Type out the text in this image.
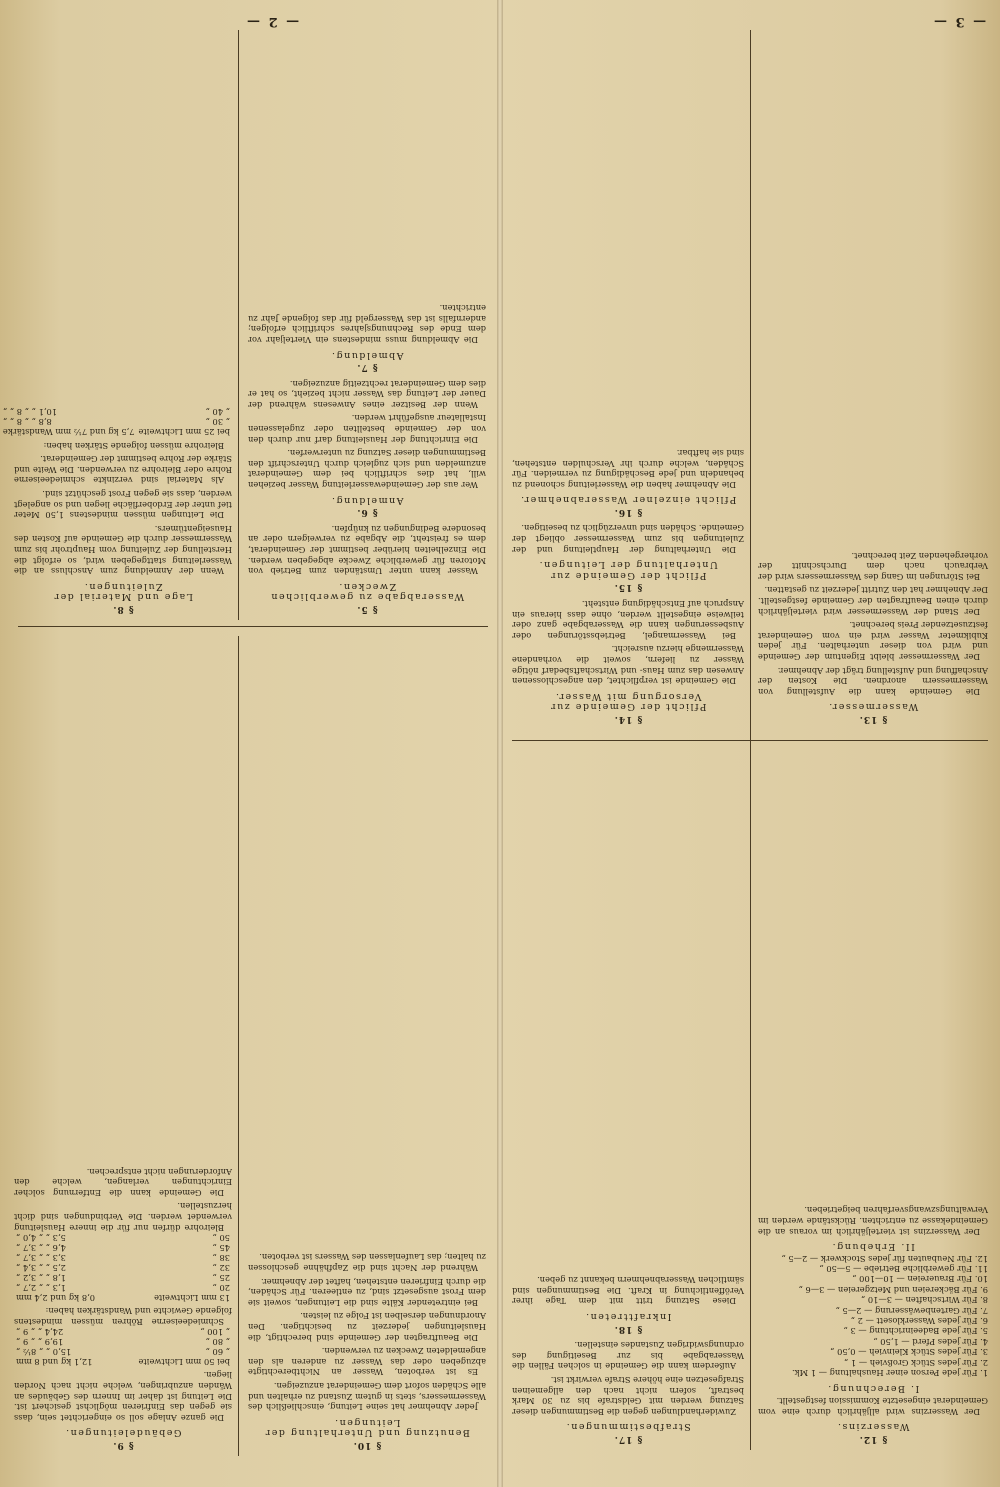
— 2 —
§ 5.
Wasserabgabe zu gewerblichen Zwecken.

Wasser kann unter Umständen zum Betrieb von Motoren für gewerbliche Zwecke abgegeben werden. Die Einzelheiten hierüber bestimmt der Gemeinderat, dem es freisteht, die Abgabe zu verweigern oder an besondere Bedingungen zu knüpfen.

§ 6.
Anmeldung.

Wer aus der Gemeindewasserleitung Wasser beziehen will, hat dies schriftlich bei dem Gemeinderat anzumelden und sich zugleich durch Unterschrift den Bestimmungen dieser Satzung zu unterwerfen.

Die Einrichtung der Hausleitung darf nur durch den von der Gemeinde bestellten oder zugelassenen Installateur ausgeführt werden.

Wenn der Besitzer eines Anwesens während der Dauer der Leitung das Wasser nicht bezieht, so hat er dies dem Gemeinderat rechtzeitig anzuzeigen.

§ 7.
Abmeldung.

Die Abmeldung muss mindestens ein Vierteljahr vor dem Ende des Rechnungsjahres schriftlich erfolgen; andernfalls ist das Wassergeld für das folgende Jahr zu entrichten.

§ 8.
Lage und Material der Zuleitungen.

Wenn der Anmeldung zum Anschluss an die Wasserleitung stattgegeben wird, so erfolgt die Herstellung der Zuleitung vom Hauptrohr bis zum Wassermesser durch die Gemeinde auf Kosten des Hauseigentümers.

Die Leitungen müssen mindestens 1,50 Meter tief unter der Erdoberfläche liegen und so angelegt werden, dass sie gegen Frost geschützt sind.

Als Material sind verzinkte schmiedeeiserne Rohre oder Bleirohre zu verwenden. Die Weite und Stärke der Rohre bestimmt der Gemeinderat.

Bleirohre müssen folgende Stärken haben:

bei 25 mm Lichtweite	7,5 kg und 7½ mm Wandstärke
„ 30 „	8,8 „ „ 8 „ „
„ 40 „	10,1 „ „ 8 „ „
§ 10.
Benutzung und Unterhaltung der Leitungen.

Jeder Abnehmer hat seine Leitung, einschließlich des Wassermessers, stets in gutem Zustand zu erhalten und alle Schäden sofort dem Gemeinderat anzuzeigen.

Es ist verboten, Wasser an Nichtberechtigte abzugeben oder das Wasser zu anderen als den angemeldeten Zwecken zu verwenden.

Die Beauftragten der Gemeinde sind berechtigt, die Hausleitungen jederzeit zu besichtigen. Den Anordnungen derselben ist Folge zu leisten.

Bei eintretender Kälte sind die Leitungen, soweit sie dem Frost ausgesetzt sind, zu entleeren. Für Schäden, die durch Einfrieren entstehen, haftet der Abnehmer.

Während der Nacht sind die Zapfhähne geschlossen zu halten; das Laufenlassen des Wassers ist verboten.

§ 9.
Gebäudeleitungen.

Die ganze Anlage soll so eingerichtet sein, dass sie gegen das Einfrieren möglichst gesichert ist. Die Leitung ist daher im Innern des Gebäudes an Wänden anzubringen, welche nicht nach Norden liegen.

bei 50 mm Lichtweite	12,1 kg und 8 mm
„ 60 „	15,0 „ „ 8½ „
„ 80 „	19,9 „ „ 9 „
„ 100 „	24,4 „ „ 9 „

Schmiedeeiserne Röhren müssen mindestens folgende Gewichte und Wandstärken haben:

13 mm Lichtweite	0,8 kg und 2,4 mm
20 „	1,3 „ „ 2,7 „
25 „	1,8 „ „ 3,2 „
32 „	2,5 „ „ 3,4 „
38 „	3,3 „ „ 3,7 „
45 „	4,6 „ „ 3,7 „
50 „	5,3 „ „ 4,0 „

Bleirohre dürfen nur für die innere Hausleitung verwendet werden. Die Verbindungen sind dicht herzustellen.

Die Gemeinde kann die Entfernung solcher Einrichtungen verlangen, welche den Anforderungen nicht entsprechen.

— 3 —
§ 14.
Pflicht der Gemeinde zur Versorgung mit Wasser.

Die Gemeinde ist verpflichtet, den angeschlossenen Anwesen das zum Haus- und Wirtschaftsbedarf nötige Wasser zu liefern, soweit die vorhandene Wassermenge hierzu ausreicht.

Bei Wassermangel, Betriebsstörungen oder Ausbesserungen kann die Wasserabgabe ganz oder teilweise eingestellt werden, ohne dass hieraus ein Anspruch auf Entschädigung entsteht.

§ 15.
Pflicht der Gemeinde zur Unterhaltung der Leitungen.

Die Unterhaltung der Hauptleitung und der Zuleitungen bis zum Wassermesser obliegt der Gemeinde. Schäden sind unverzüglich zu beseitigen.

§ 16.
Pflicht einzelner Wasserabnehmer.

Die Abnehmer haben die Wasserleitung schonend zu behandeln und jede Beschädigung zu vermeiden. Für Schäden, welche durch ihr Verschulden entstehen, sind sie haftbar.

§ 12.
Wasserzins.

Der Wasserzins wird alljährlich durch eine vom Gemeinderat eingesetzte Kommission festgestellt.

I. Berechnung.
1. Für jede Person einer Haushaltung — 1 Mk.
2. Für jedes Stück Großvieh — 1 „
3. Für jedes Stück Kleinvieh — 0,50 „
4. Für jedes Pferd — 1,50 „
5. Für jede Badeeinrichtung — 3 „
6. Für jedes Wasserklosett — 2 „
7. Für Gartenbewässerung — 2—5 „
8. Für Wirtschaften — 3—10 „
9. Für Bäckereien und Metzgereien — 3—6 „
10. Für Brauereien — 10—100 „
11. Für gewerbliche Betriebe — 5—50 „
12. Für Neubauten für jedes Stockwerk — 2—5 „
II. Erhebung.

Der Wasserzins ist vierteljährlich im voraus an die Gemeindekasse zu entrichten. Rückstände werden im Verwaltungszwangsverfahren beigetrieben.

§ 17.
Strafbestimmungen.

Zuwiderhandlungen gegen die Bestimmungen dieser Satzung werden mit Geldstrafe bis zu 30 Mark bestraft, sofern nicht nach den allgemeinen Strafgesetzen eine höhere Strafe verwirkt ist.

Außerdem kann die Gemeinde in solchen Fällen die Wasserabgabe bis zur Beseitigung des ordnungswidrigen Zustandes einstellen.

§ 18.
Inkrafttreten.

Diese Satzung tritt mit dem Tage ihrer Veröffentlichung in Kraft. Die Bestimmungen sind sämtlichen Wasserabnehmern bekannt zu geben.

§ 13.
Wassermesser.

Die Gemeinde kann die Aufstellung von Wassermessern anordnen. Die Kosten der Anschaffung und Aufstellung trägt der Abnehmer.

Der Wassermesser bleibt Eigentum der Gemeinde und wird von dieser unterhalten. Für jeden Kubikmeter Wasser wird ein vom Gemeinderat festzusetzender Preis berechnet.

Der Stand der Wassermesser wird vierteljährlich durch einen Beauftragten der Gemeinde festgestellt. Der Abnehmer hat den Zutritt jederzeit zu gestatten.

Bei Störungen im Gang des Wassermessers wird der Verbrauch nach dem Durchschnitt der vorhergehenden Zeit berechnet.
